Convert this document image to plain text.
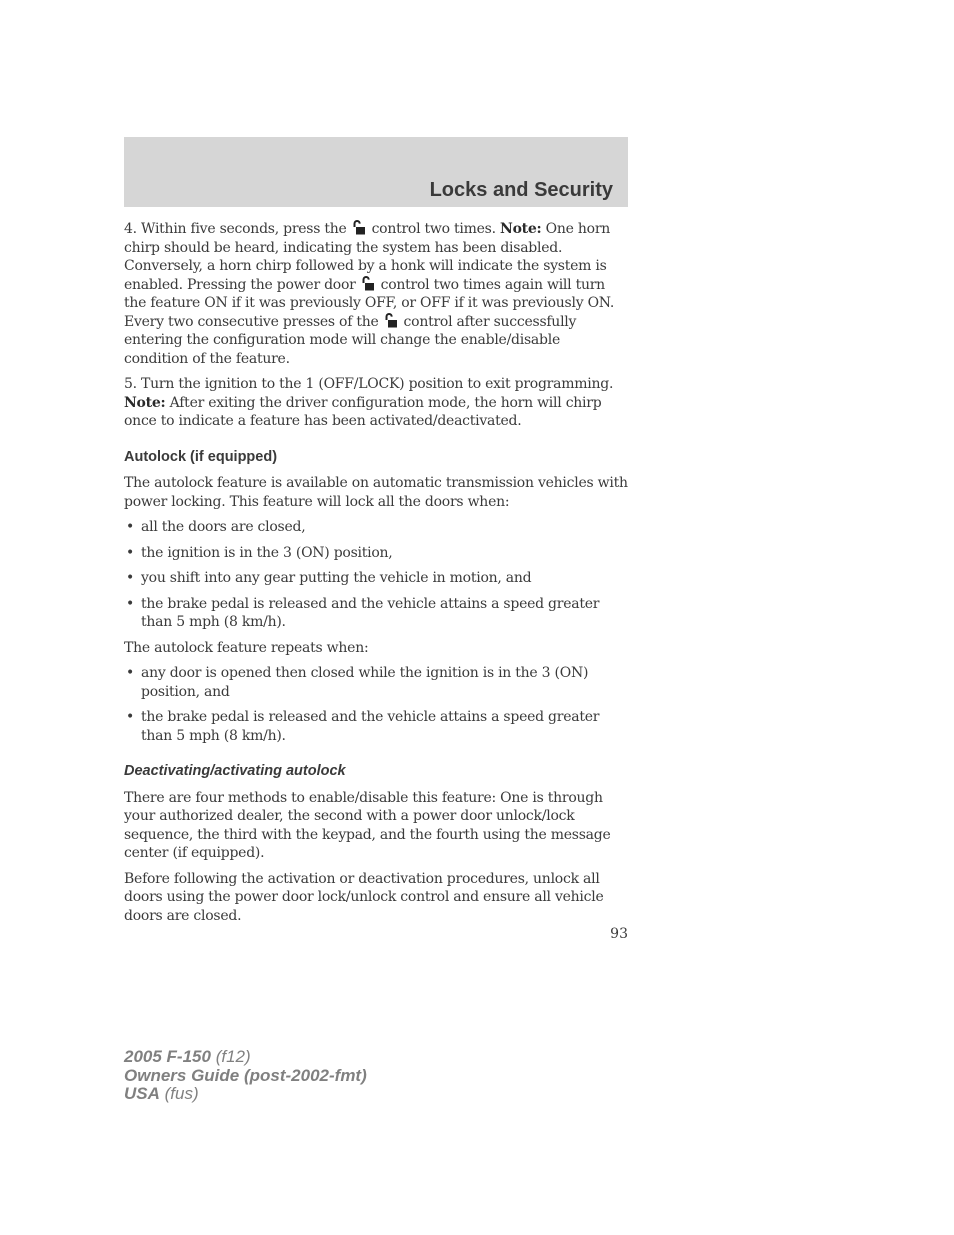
Locks and Security

4. Within five seconds, press the control two times. Note: One horn chirp should be heard, indicating the system has been disabled. Conversely, a horn chirp followed by a honk will indicate the system is enabled. Pressing the power door control two times again will turn the feature ON if it was previously OFF, or OFF if it was previously ON. Every two consecutive presses of the control after successfully entering the configuration mode will change the enable/disable condition of the feature.

5. Turn the ignition to the 1 (OFF/LOCK) position to exit programming. Note: After exiting the driver configuration mode, the horn will chirp once to indicate a feature has been activated/deactivated.

Autolock (if equipped)

The autolock feature is available on automatic transmission vehicles with power locking. This feature will lock all the doors when:

• all the doors are closed,
• the ignition is in the 3 (ON) position,
• you shift into any gear putting the vehicle in motion, and
• the brake pedal is released and the vehicle attains a speed greater than 5 mph (8 km/h).

The autolock feature repeats when:

• any door is opened then closed while the ignition is in the 3 (ON) position, and
• the brake pedal is released and the vehicle attains a speed greater than 5 mph (8 km/h).
Deactivating/activating autolock

There are four methods to enable/disable this feature: One is through your authorized dealer, the second with a power door unlock/lock sequence, the third with the keypad, and the fourth using the message center (if equipped).

Before following the activation or deactivation procedures, unlock all doors using the power door lock/unlock control and ensure all vehicle doors are closed.

93
2005 F-150 (f12)
Owners Guide (post-2002-fmt)
USA (fus)
